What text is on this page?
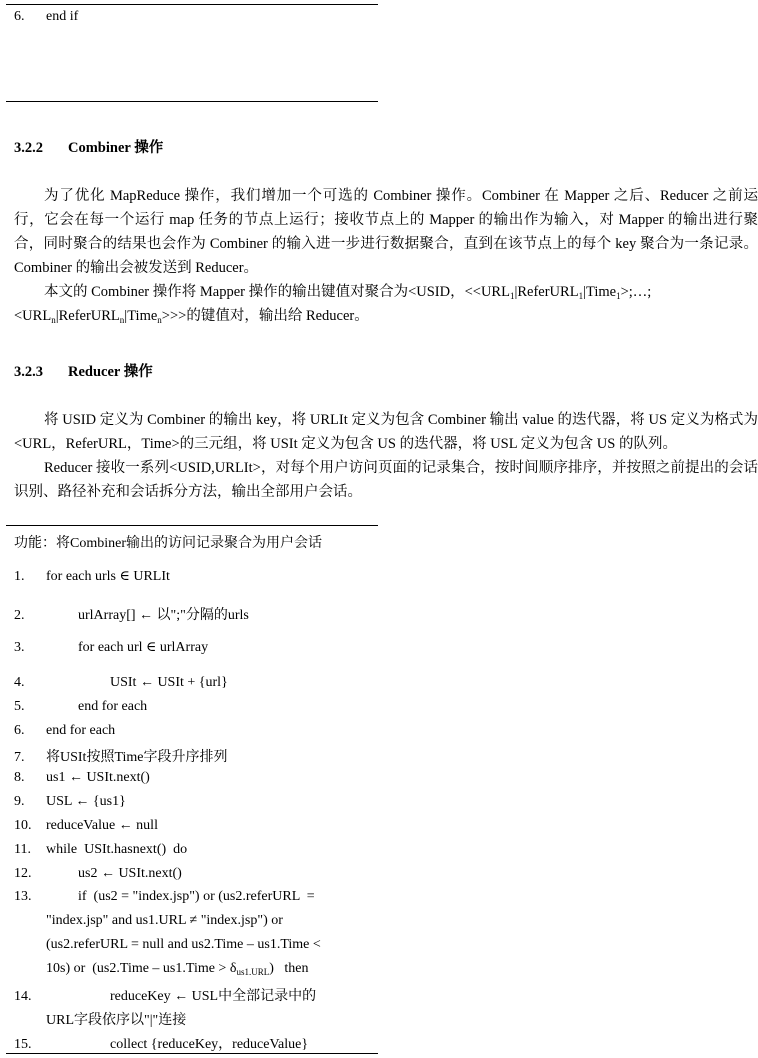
6. end if
3.2.2 Combiner 操作

为了优化 MapReduce 操作，我们增加一个可选的 Combiner 操作。Combiner 在 Mapper 之后、Reducer 之前运行，它会在每一个运行 map 任务的节点上运行；接收节点上的 Mapper 的输出作为输入，对 Mapper 的输出进行聚合，同时聚合的结果也会作为 Combiner 的输入进一步进行数据聚合，直到在该节点上的每个 key 聚合为一条记录。Combiner 的输出会被发送到 Reducer。

本文的 Combiner 操作将 Mapper 操作的输出键值对聚合为<USID，$<<URL_1|ReferURL_1|Time_1>;\dots$;
$<URL_n|ReferURL_n|Time_n>>>$的键值对，输出给 Reducer。

3.2.3 Reducer 操作

将 USID 定义为 Combiner 的输出 key，将 URLIt 定义为包含 Combiner 输出 value 的迭代器，将 US 定义为格式为<URL，ReferURL，Time>的三元组，将 USIt 定义为包含 US 的迭代器，将 USL 定义为包含 US 的队列。

Reducer 接收一系列<USID,URLIt>，对每个用户访问页面的记录集合，按时间顺序排序，并按照之前提出的会话识别、路径补充和会话拆分方法，输出全部用户会话。

功能：将Combiner输出的访问记录聚合为用户会话
1. for each urls ∈ URLIt
2.	urlArray[] ← 以";"分隔的urls
3.	for each url ∈ urlArray
4.	USIt ← USIt + {url}
5.	end for each
6. end for each
7. 将USIt按照Time字段升序排列
8. us1 ← USIt.next()
9. USL ← {us1}
10. reduceValue ← null
11. while  USIt.hasnext()  do
12.	us2 ← USIt.next()
13.	if  (us2 = "index.jsp") or (us2.referURL  =
"index.jsp" and us1.URL ≠ "index.jsp") or
(us2.referURL = null and us2.Time – us1.Time <
10s) or  (us2.Time – us1.Time > $\delta_{us1.URL}$)   then
14.	reduceKey ← USL中全部记录中的
URL字段依序以"|"连接
15.	collect {reduceKey，reduceValue}
